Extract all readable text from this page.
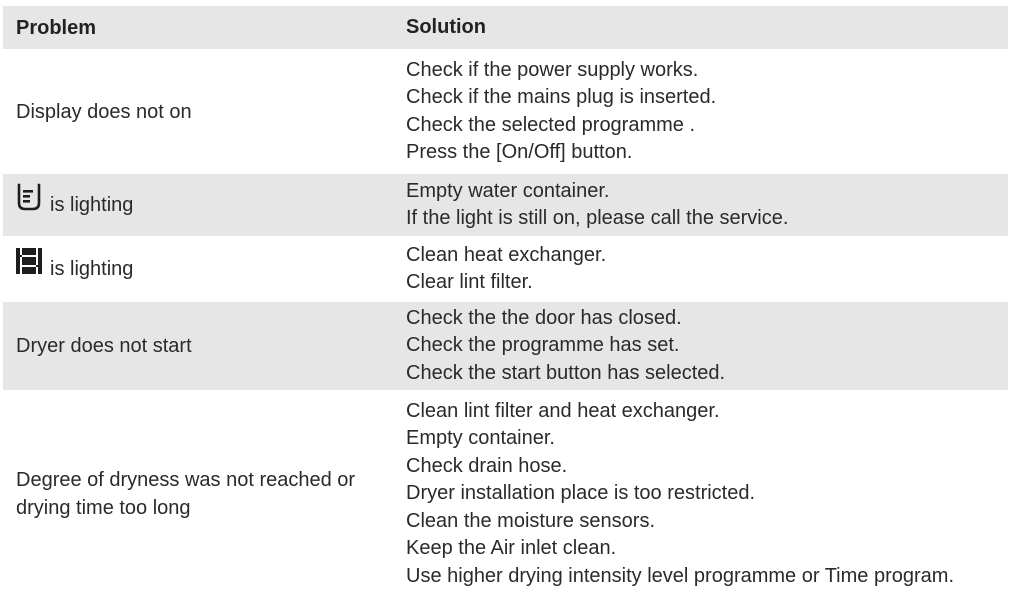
Problem	Solution
Display does not on
Check if the power supply works.
Check if the mains plug is inserted.
Check the selected programme .
Press the [On/Off] button.
is lighting
Empty water container.
If the light is still on, please call the service.
is lighting
Clean heat exchanger.
Clear lint filter.
Dryer does not start
Check the the door has closed.
Check the programme has set.
Check the start button has selected.
Degree of dryness was not reached or
drying time too long
Clean lint filter and heat exchanger.
Empty container.
Check drain hose.
Dryer installation place is too restricted.
Clean the moisture sensors.
Keep the Air inlet clean.
Use higher drying intensity level programme or Time program.
